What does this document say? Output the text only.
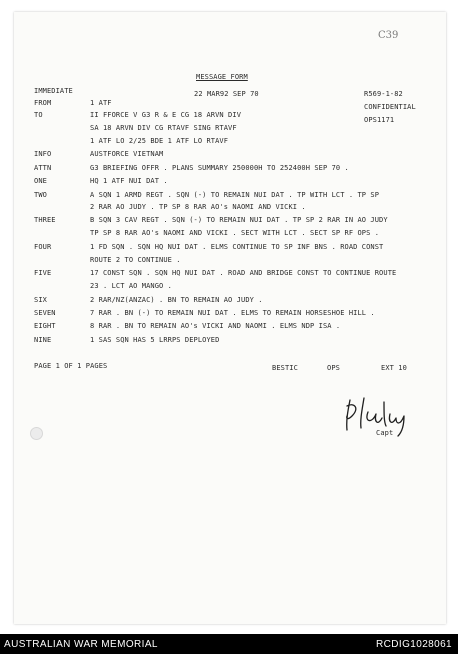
C39
MESSAGE FORM
IMMEDIATE	22 MAR92 SEP 70	R569-1-82
CONFIDENTIAL
OPS1171
FROM	1 ATF
TO	II FFORCE V G3 R & E CG 18 ARVN DIV
SA 18 ARVN DIV CG RTAVF SING RTAVF
1 ATF LO 2/25 BDE 1 ATF LO RTAVF
INFO	AUSTFORCE VIETNAM
ATTN	G3 BRIEFING OFFR . PLANS SUMMARY 250000H TO 252400H SEP 70 .
ONE	HQ 1 ATF NUI DAT .
TWO	A SQN 1 ARMD REGT . SQN (-) TO REMAIN NUI DAT . TP WITH LCT . TP SP
2 RAR AO JUDY . TP SP 8 RAR AO's NAOMI AND VICKI .
THREE	B SQN 3 CAV REGT . SQN (-) TO REMAIN NUI DAT . TP SP 2 RAR IN AO JUDY
TP SP 8 RAR AO's NAOMI AND VICKI . SECT WITH LCT . SECT SP RF OPS .
FOUR	1 FD SQN . SQN HQ NUI DAT . ELMS CONTINUE TO SP INF BNS . ROAD CONST
ROUTE 2 TO CONTINUE .
FIVE	17 CONST SQN . SQN HQ NUI DAT . ROAD AND BRIDGE CONST TO CONTINUE ROUTE
23 . LCT AO MANGO .
SIX	2 RAR/NZ(ANZAC) . BN TO REMAIN AO JUDY .
SEVEN	7 RAR . BN (-) TO REMAIN NUI DAT . ELMS TO REMAIN HORSESHOE HILL .
EIGHT	8 RAR . BN TO REMAIN AO's VICKI AND NAOMI . ELMS NDP ISA .
NINE	1 SAS SQN HAS 5 LRRPS DEPLOYED
PAGE 1 OF 1 PAGES	BESTIC	OPS	EXT 10
Capt
AUSTRALIAN WAR MEMORIAL	RCDIG1028061
